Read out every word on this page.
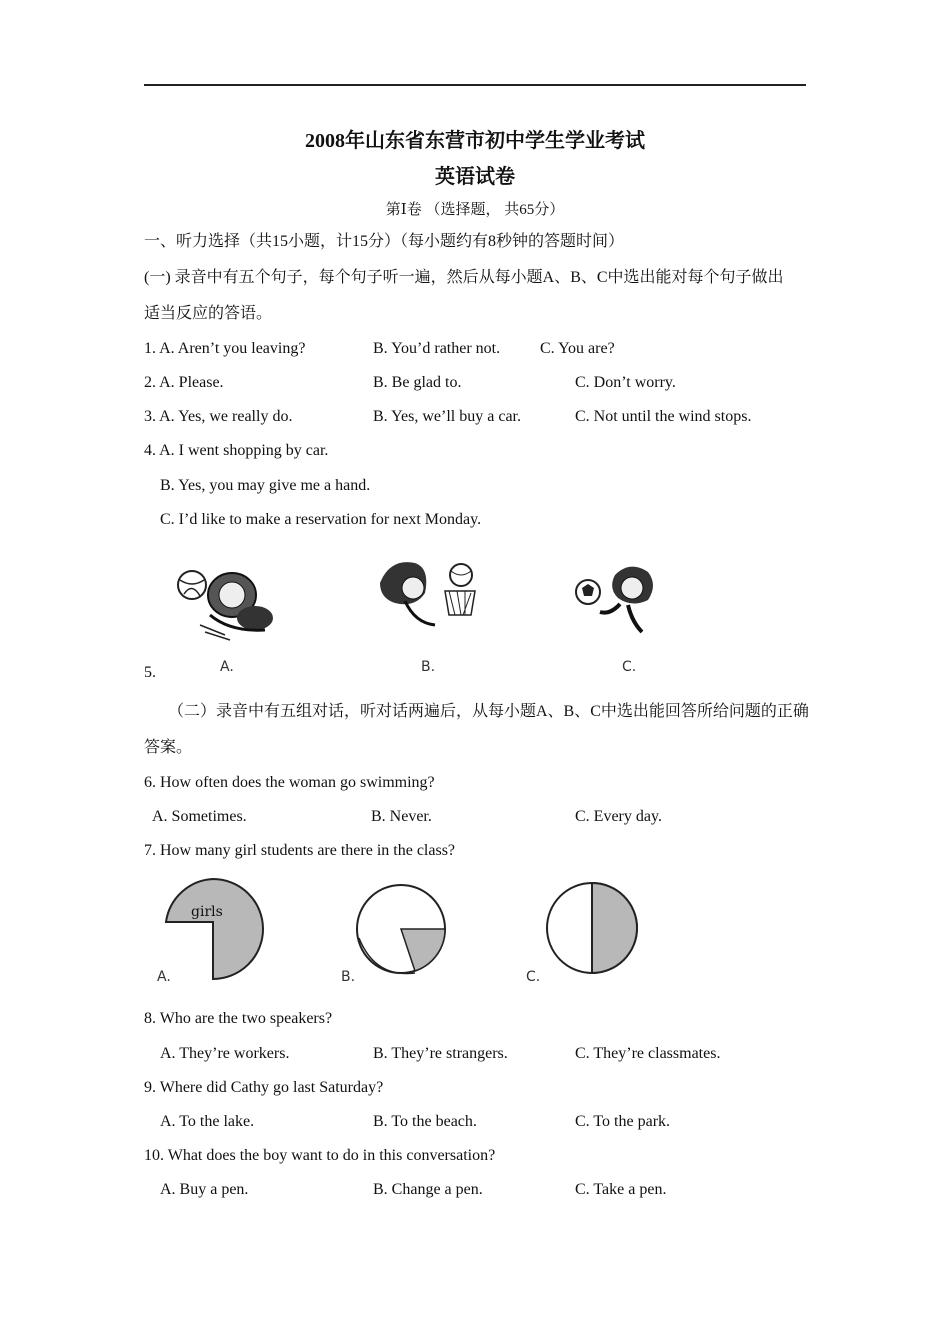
2008年山东省东营市初中学生学业考试
英语试卷
第Ⅰ卷 （选择题， 共65分）
一、听力选择（共15小题，计15分）（每小题约有8秒钟的答题时间）
(一) 录音中有五个句子，每个句子听一遍，然后从每小题A、B、C中选出能对每个句子做出
适当反应的答语。
1. A. Aren’t you leaving?	B. You’d rather not. C. You are?
2. A. Please.	B. Be glad to.	C. Don’t worry.
3. A. Yes, we really do.	B. Yes, we’ll buy a car.	C. Not until the wind stops.
4. A. I went shopping by car.
B. Yes, you may give me a hand.
C. I’d like to make a reservation for next Monday.
5.	A.	B.	C.
（二）录音中有五组对话，听对话两遍后，从每小题A、B、C中选出能回答所给问题的正确
答案。
6. How often does the woman go swimming?
A. Sometimes.	B. Never.	C. Every day.
7. How many girl students are there in the class?
girls
A.	B.	C.
8. Who are the two speakers?
A. They’re workers.	B. They’re strangers.	C. They’re classmates.
9. Where did Cathy go last Saturday?
A. To the lake.	B. To the beach.	C. To the park.
10. What does the boy want to do in this conversation?
A. Buy a pen.	B. Change a pen.	C. Take a pen.
